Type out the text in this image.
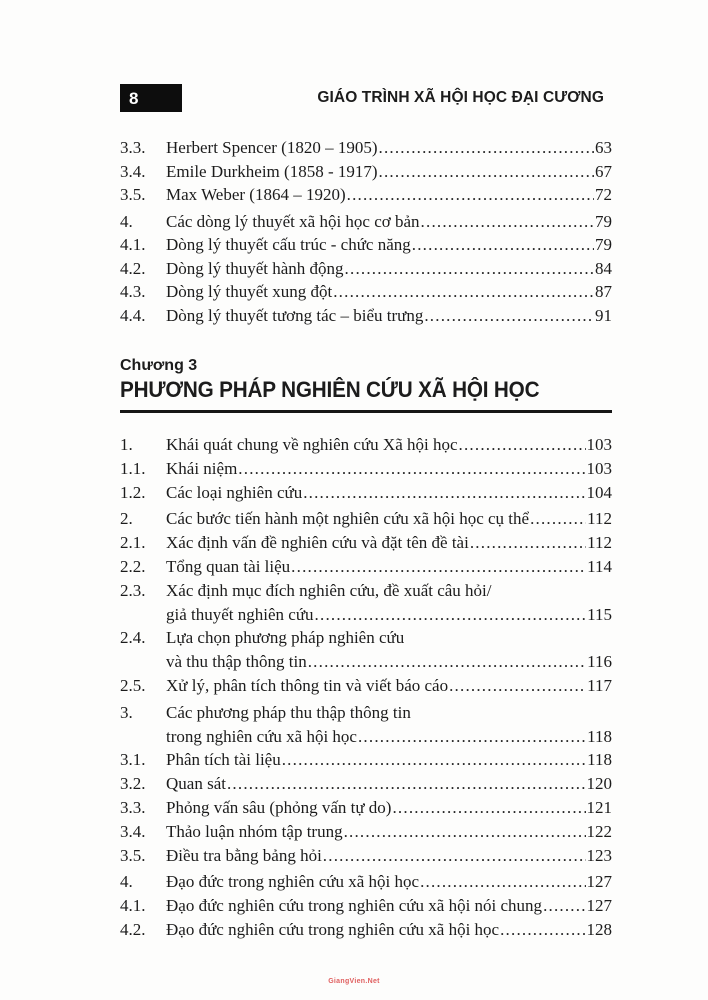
8	GIÁO TRÌNH XÃ HỘI HỌC ĐẠI CƯƠNG
3.3.	Herbert Spencer (1820 – 1905) .....	63
3.4.	Emile Durkheim (1858 - 1917) .....	67
3.5.	Max Weber (1864 – 1920) .....	72
4.	Các dòng lý thuyết xã hội học cơ bản .....	79
4.1.	Dòng lý thuyết cấu trúc - chức năng .....	79
4.2.	Dòng lý thuyết hành động .....	84
4.3.	Dòng lý thuyết xung đột .....	87
4.4.	Dòng lý thuyết tương tác – biểu trưng .....	91
Chương 3
PHƯƠNG PHÁP NGHIÊN CỨU XÃ HỘI HỌC
1.	Khái quát chung về nghiên cứu Xã hội học .....	103
1.1.	Khái niệm .....	103
1.2.	Các loại nghiên cứu .....	104
2.	Các bước tiến hành một nghiên cứu xã hội học cụ thể .....	112
2.1.	Xác định vấn đề nghiên cứu và đặt tên đề tài .....	112
2.2.	Tổng quan tài liệu .....	114
2.3.	Xác định mục đích nghiên cứu, đề xuất câu hỏi/
giả thuyết nghiên cứu .....	115
2.4.	Lựa chọn phương pháp nghiên cứu
và thu thập thông tin .....	116
2.5.	Xử lý, phân tích thông tin và viết báo cáo .....	117
3.	Các phương pháp thu thập thông tin
trong nghiên cứu xã hội học .....	118
3.1.	Phân tích tài liệu .....	118
3.2.	Quan sát .....	120
3.3.	Phỏng vấn sâu (phỏng vấn tự do) .....	121
3.4.	Thảo luận nhóm tập trung .....	122
3.5.	Điều tra bằng bảng hỏi .....	123
4.	Đạo đức trong nghiên cứu xã hội học .....	127
4.1.	Đạo đức nghiên cứu trong nghiên cứu xã hội nói chung .....	127
4.2.	Đạo đức nghiên cứu trong nghiên cứu xã hội học .....	128
GiangVien.Net
